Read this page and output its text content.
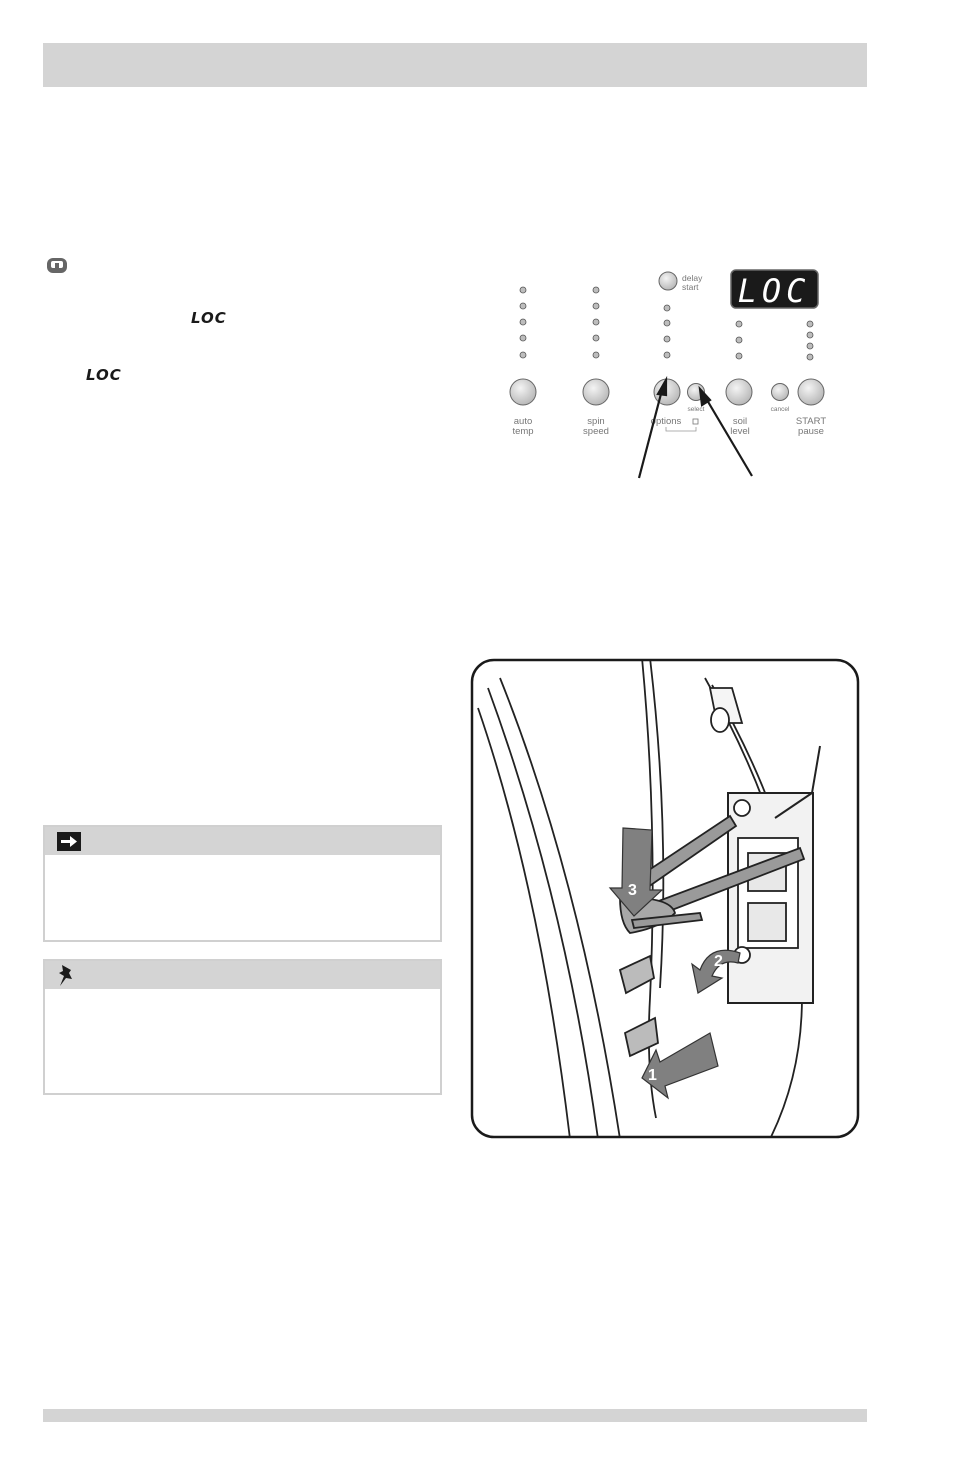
LOC
LOC
delay
start LOC
auto
temp
spin
speed
options
select
soil
level
cancel
START
pause
3
2
1
